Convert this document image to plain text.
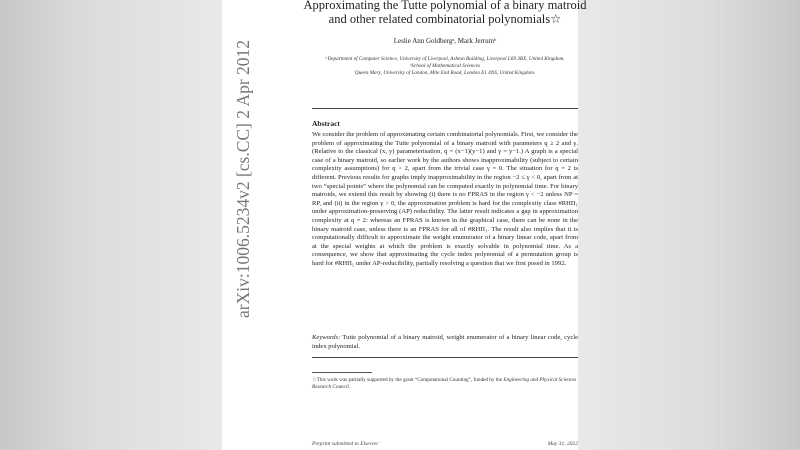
arXiv:1006.5234v2 [cs.CC] 2 Apr 2012
Approximating the Tutte polynomial of a binary matroid and other related combinatorial polynomials☆
Leslie Ann Goldbergᵃ, Mark Jerrumᵇ
ᵃDepartment of Computer Science, University of Liverpool, Ashton Building, Liverpool L69 3BX, United Kingdom.
ᵇSchool of Mathematical Sciences
Queen Mary, University of London, Mile End Road, London E1 4NS, United Kingdom.
Abstract
We consider the problem of approximating certain combinatorial polynomials. First, we consider the problem of approximating the Tutte polynomial of a binary matroid with parameters q ≥ 2 and γ. (Relative to the classical (x, y) parameterisation, q = (x−1)(y−1) and γ = y−1.) A graph is a special case of a binary matroid, so earlier work by the authors shows inapproximability (subject to certain complexity assumptions) for q > 2, apart from the trivial case γ = 0. The situation for q = 2 is different. Previous results for graphs imply inapproximability in the region −2 ≤ γ < 0, apart from at two “special points” where the polynomial can be computed exactly in polynomial time. For binary matroids, we extend this result by showing (i) there is no FPRAS in the region γ < −2 unless NP = RP, and (ii) in the region γ > 0, the approximation problem is hard for the complexity class #RHΠ₁ under approximation-preserving (AP) reducibility. The latter result indicates a gap in approximation complexity at q = 2: whereas an FPRAS is known in the graphical case, there can be none in the binary matroid case, unless there is an FPRAS for all of #RHΠ₁. The result also implies that it is computationally difficult to approximate the weight enumerator of a binary linear code, apart from at the special weights at which the problem is exactly solvable in polynomial time. As a consequence, we show that approximating the cycle index polynomial of a permutation group is hard for #RHΠ₁ under AP-reducibility, partially resolving a question that we first posed in 1992.
Keywords: Tutte polynomial of a binary matroid, weight enumerator of a binary linear code, cycle index polynomial.
☆This work was partially supported by the grant “Computational Counting”, funded by the Engineering and Physical Sciences Research Council.
Preprint submitted to Elsevier	May 31, 2022
